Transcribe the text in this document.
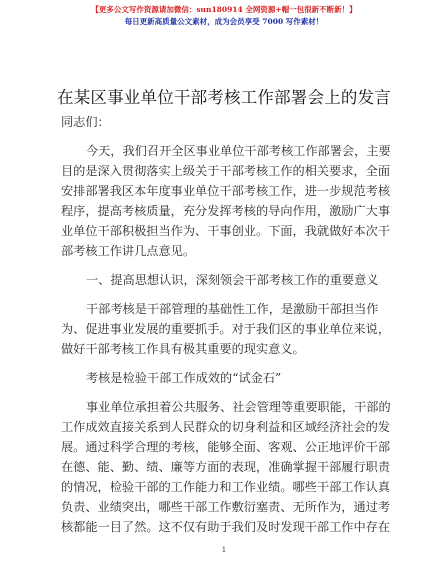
【更多公文写作资源请加微信：sun180914 全网资源+帽一包很新不断新！】
每日更新高质量公文素材，成为会员享受 7000 写作素材！
在某区事业单位干部考核工作部署会上的发言
同志们：
今天，我们召开全区事业单位干部考核工作部署会，主要
目的是深入贯彻落实上级关于干部考核工作的相关要求，全面
安排部署我区本年度事业单位干部考核工作，进一步规范考核
程序，提高考核质量，充分发挥考核的导向作用，激励广大事
业单位干部积极担当作为、干事创业。下面，我就做好本次干
部考核工作讲几点意见。
一、提高思想认识，深刻领会干部考核工作的重要意义
干部考核是干部管理的基础性工作，是激励干部担当作
为、促进事业发展的重要抓手。对于我们区的事业单位来说，
做好干部考核工作具有极其重要的现实意义。
考核是检验干部工作成效的“试金石”
事业单位承担着公共服务、社会管理等重要职能，干部的
工作成效直接关系到人民群众的切身利益和区域经济社会的发
展。通过科学合理的考核，能够全面、客观、公正地评价干部
在德、能、勤、绩、廉等方面的表现，准确掌握干部履行职责
的情况，检验干部的工作能力和工作业绩。哪些干部工作认真
负责、业绩突出，哪些干部工作敷衍塞责、无所作为，通过考
核都能一目了然。这不仅有助于我们及时发现干部工作中存在
1
